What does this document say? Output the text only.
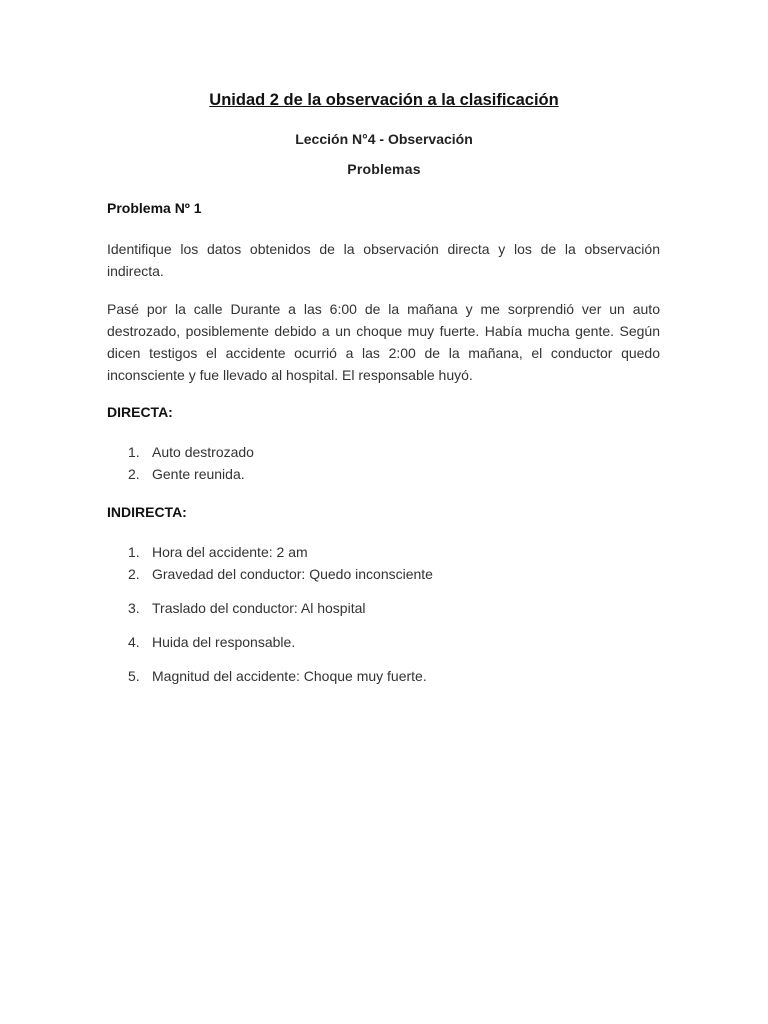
Unidad 2 de la observación a la clasificación
Lección N°4 - Observación
Problemas
Problema Nº 1
Identifique los datos obtenidos de la observación directa y los de la observación indirecta.
Pasé por la calle Durante a las 6:00 de la mañana y me sorprendió ver un auto destrozado, posiblemente debido a un choque muy fuerte. Había mucha gente. Según dicen testigos el accidente ocurrió a las 2:00 de la mañana, el conductor quedo inconsciente y fue llevado al hospital. El responsable huyó.
DIRECTA:
1. Auto destrozado
2. Gente reunida.
INDIRECTA:
1. Hora del accidente: 2 am
2. Gravedad del conductor: Quedo inconsciente
3. Traslado del conductor: Al hospital
4. Huida del responsable.
5. Magnitud del accidente: Choque muy fuerte.
